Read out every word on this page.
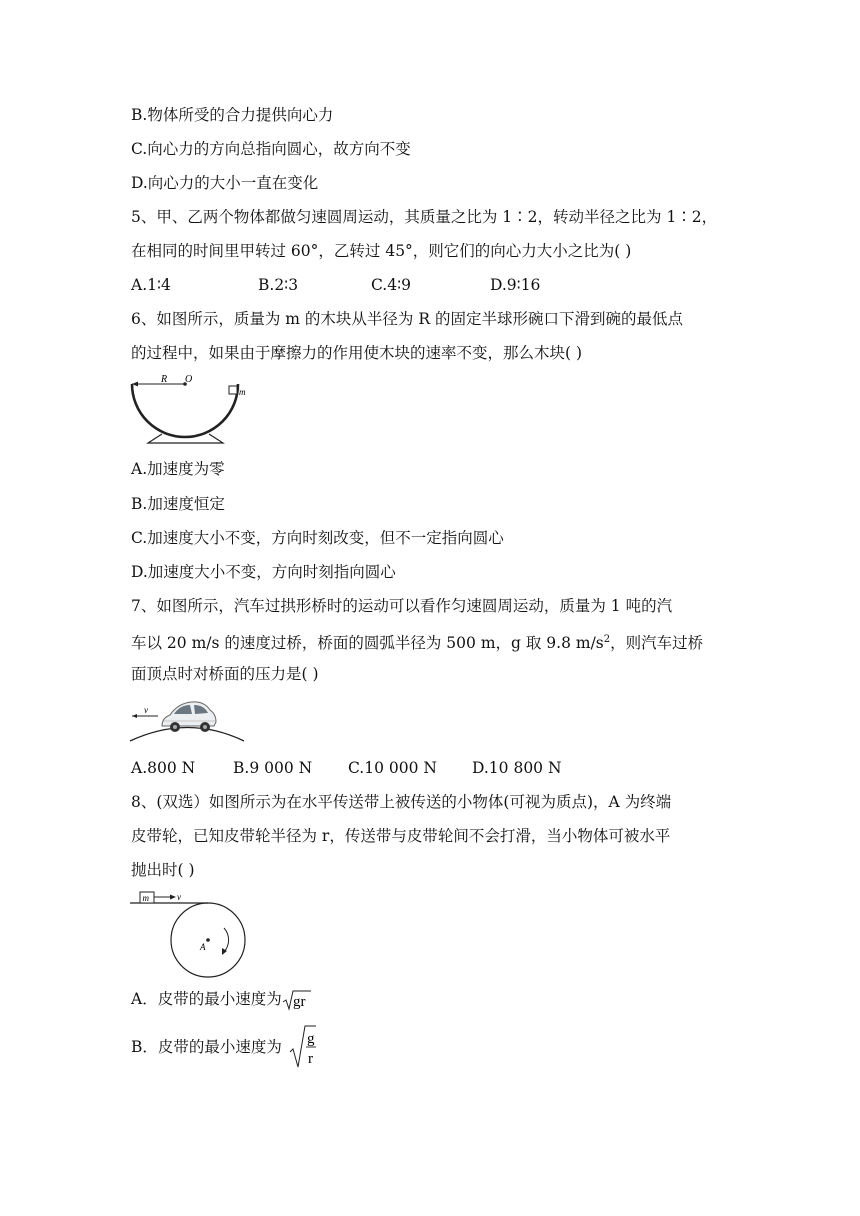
B.物体所受的合力提供向心力
C.向心力的方向总指向圆心，故方向不变
D.向心力的大小一直在变化
5、甲、乙两个物体都做匀速圆周运动，其质量之比为 1∶2，转动半径之比为 1∶2，
在相同的时间里甲转过 60°，乙转过 45°，则它们的向心力大小之比为( )
A.1∶4	B.2∶3	C.4∶9	D.9∶16
6、如图所示，质量为 m 的木块从半径为 R 的固定半球形碗口下滑到碗的最低点
的过程中，如果由于摩擦力的作用使木块的速率不变，那么木块( )
R O
m
A.加速度为零
B.加速度恒定
C.加速度大小不变，方向时刻改变，但不一定指向圆心
D.加速度大小不变，方向时刻指向圆心
7、如图所示，汽车过拱形桥时的运动可以看作匀速圆周运动，质量为 1 吨的汽
车以 20 m/s 的速度过桥，桥面的圆弧半径为 500 m，g 取 9.8 $m/s^2$，则汽车过桥
面顶点时对桥面的压力是( )
v
A.800 N B.9 000 N C.10 000 N D.10 800 N
8、(双选）如图所示为在水平传送带上被传送的小物体(可视为质点)，A 为终端
皮带轮，已知皮带轮半径为 r，传送带与皮带轮间不会打滑，当小物体可被水平
抛出时( )
m	v
A
A．皮带的最小速度为 gr
B．皮带的最小速度为 g
r
